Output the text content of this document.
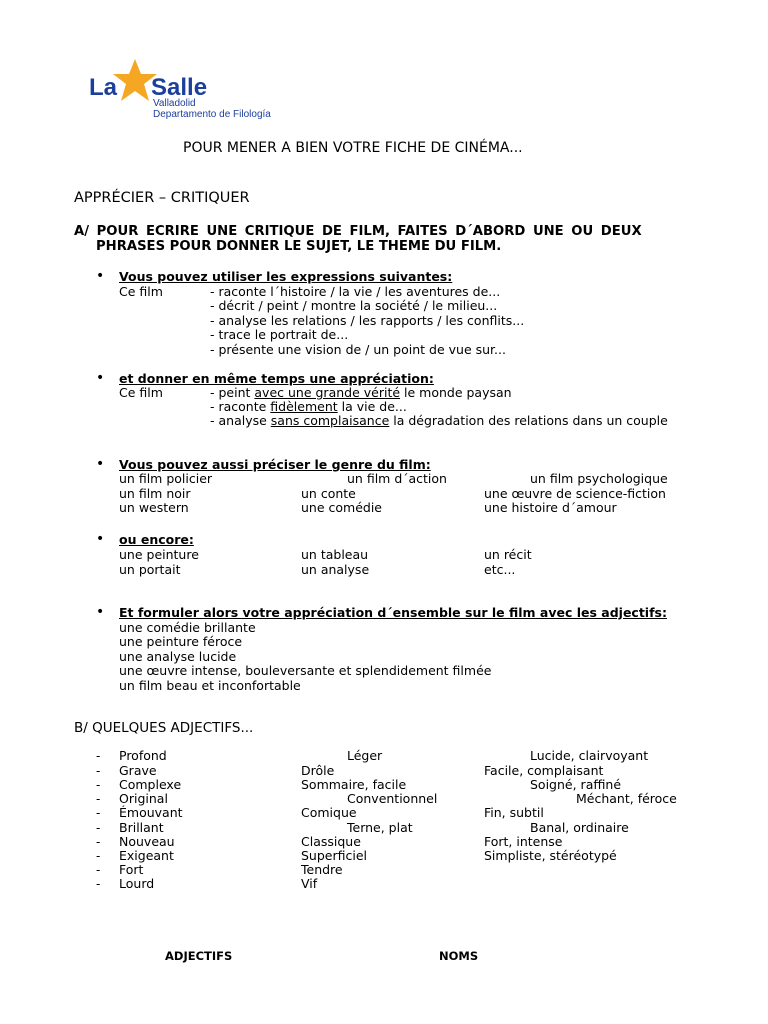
La Salle
Valladolid
Departamento de Filología
POUR MENER A BIEN VOTRE FICHE DE CINÉMA...
APPRÉCIER – CRITIQUER
A/ POUR ECRIRE UNE CRITIQUE DE FILM, FAITES D´ABORD UNE OU DEUX
PHRASES POUR DONNER LE SUJET, LE THEME DU FILM.
• Vous pouvez utiliser les expressions suivantes:
Ce film	- raconte l´histoire / la vie / les aventures de...
- décrit / peint / montre la société / le milieu...
- analyse les relations / les rapports / les conflits...
- trace le portrait de...
- présente une vision de / un point de vue sur...
• et donner en même temps une appréciation:
Ce film	- peint avec une grande vérité le monde paysan
- raconte fidèlement la vie de...
- analyse sans complaisance la dégradation des relations dans un couple
• Vous pouvez aussi préciser le genre du film:
un film policier	un film d´action	un film psychologique
un film noir	un conte	une œuvre de science-fiction
un western	une comédie	une histoire d´amour
• ou encore:
une peinture	un tableau	un récit
un portait	un analyse	etc...
• Et formuler alors votre appréciation d´ensemble sur le film avec les adjectifs:
une comédie brillante
une peinture féroce
une analyse lucide
une œuvre intense, bouleversante et splendidement filmée
un film beau et inconfortable
B/ QUELQUES ADJECTIFS...
- Profond	Léger	Lucide, clairvoyant
- Grave	Drôle	Facile, complaisant
- Complexe	Sommaire, facile	Soigné, raffiné
- Original	Conventionnel	Méchant, féroce
- Émouvant	Comique	Fin, subtil
- Brillant	Terne, plat	Banal, ordinaire
- Nouveau	Classique	Fort, intense
- Exigeant	Superficiel	Simpliste, stéréotypé
- Fort	Tendre
- Lourd	Vif
ADJECTIFS	NOMS
